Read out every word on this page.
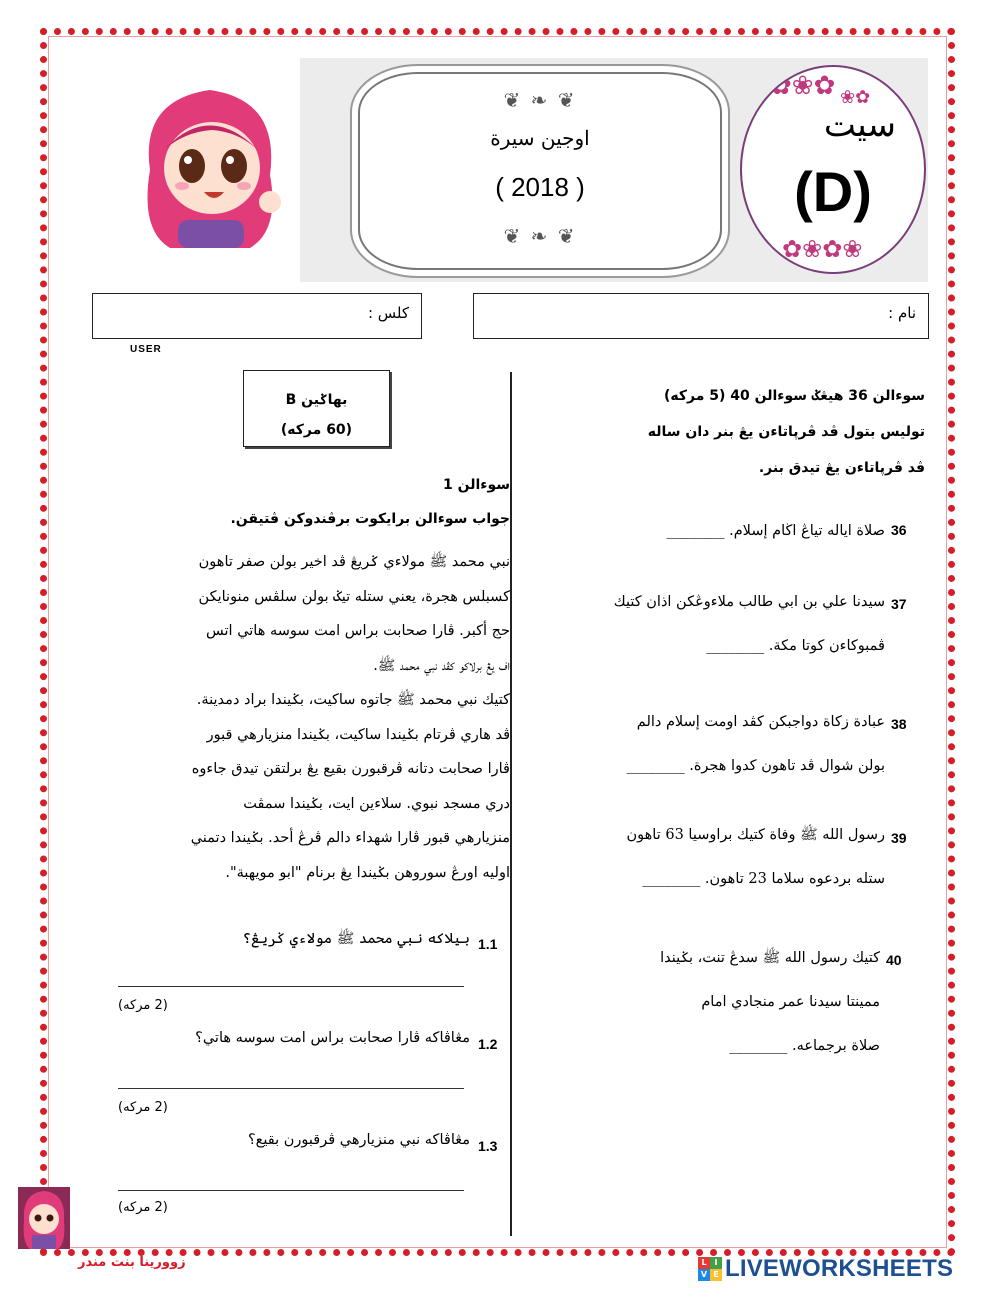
❦ ❧ ❦
اوجين سيرة
( 2018 )
❦ ❧ ❦
✿❀✿ ❀✿
سيت
(D)
✿❀✿❀
نام :
كلس :
USER
سوءالن 36 هيڠݢ سوءالن 40 (5 مركه)
توليس بتول ڤد ڤرڽاتاءن يڠ بنر دان ساله
ڤد ڤرڽاتاءن يڠ تيدق بنر.
36
صلاة اياله تياڠ اڬام إسلام. ________
37
سيدنا علي بن ابي طالب ملاءوڠكن اذان كتيك
ڤمبوكاءن كوتا مكة. ________
38
عبادة زكاة دواجبكن كڤد اومت إسلام دالم
بولن شوال ڤد تاهون كدوا هجرة. ________
39
رسول الله ﷺ وفاة كتيك براوسيا 63 تاهون
ستله بردعوه سلاما 23 تاهون. ________
40
كتيك رسول الله ﷺ سدڠ تنت، بݢيندا
ممينتا سيدنا عمر منجادي امام
صلاة برجماعه. ________
بهاݢين B
(60 مركه)
سوءالن 1
جواب سوءالن برايكوت برڤندوكن ڤتيقن.
نبي محمد ﷺ مولاءي ݢريڠ ڤد اخير بولن صفر تاهون
كسبلس هجرة، يعني ستله تيݢ بولن سلڤس منونايكن
حج أكبر. ڤارا صحابت براس امت سوسه هاتي اتس
اف يڠ برلاكو كڤد نبي محمد ﷺ.
كتيك نبي محمد ﷺ جاتوه ساكيت، بݢيندا براد دمدينة.
ڤد هاري ڤرتام بݢيندا ساكيت، بݢيندا منزيارهي قبور
ڤارا صحابت دتانه ڤرقبورن بقيع يڠ برلتقن تيدق جاءوه
دري مسجد نبوي. سلاءين ايت، بݢيندا سمڤت
منزيارهي قبور ڤارا شهداء دالم ڤرڠ أحد. بݢيندا دتمني
اوليه اورڠ سوروهن بݢيندا يڠ برنام "ابو مويهبة".
1.1
بيلاكه نبي محمد ﷺ مولاءي ݢريڠ؟
(2 مركه)
1.2
مڠاڤاكه ڤارا صحابت براس امت سوسه هاتي؟
(2 مركه)
1.3
مڠاڤاكه نبي منزيارهي ڤرقبورن بقيع؟
(2 مركه)
زوورينا بنت مندر	L I
V E LIVEWORKSHEETS
